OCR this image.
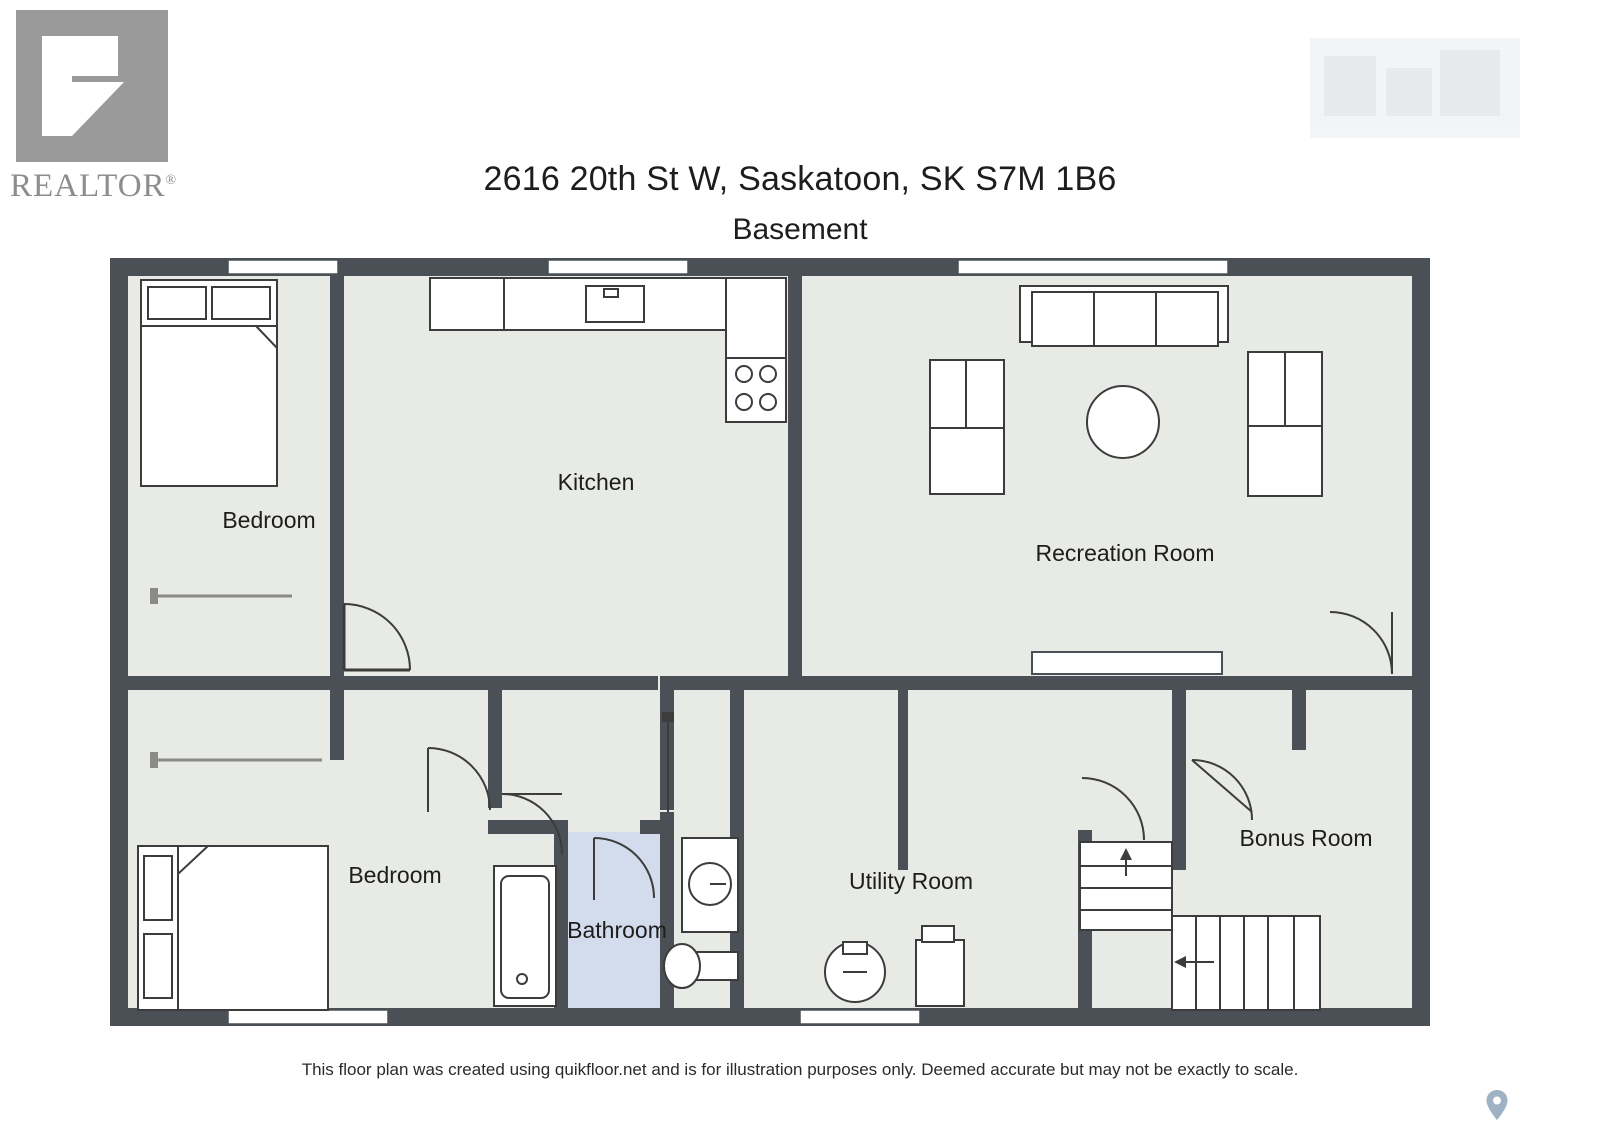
REALTOR®	2616 20th St W, Saskatoon, SK S7M 1B6
Basement
Bedroom
Kitchen
Recreation Room
Bedroom
Bathroom
Utility Room
Bonus Room
This floor plan was created using quikfloor.net and is for illustration purposes only. Deemed accurate but may not be exactly to scale.
